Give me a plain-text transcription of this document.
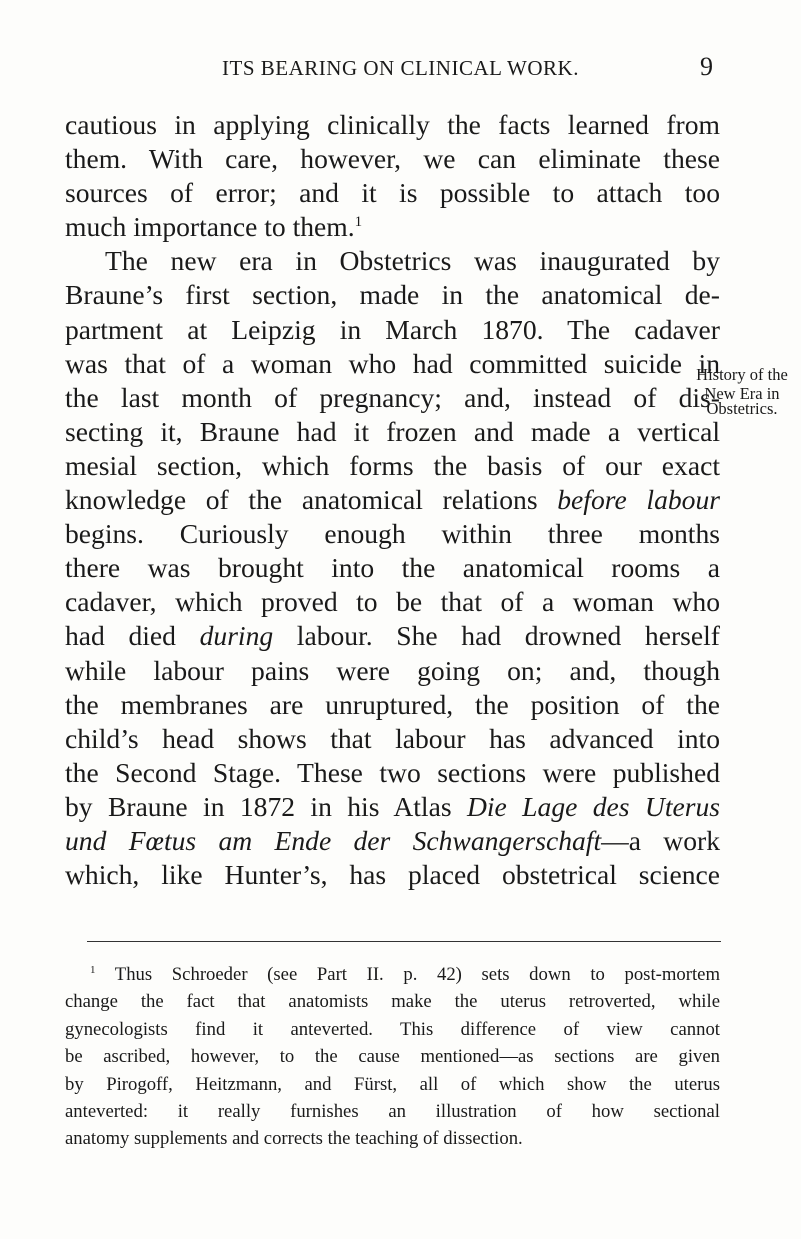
ITS BEARING ON CLINICAL WORK.	9
cautious in applying clinically the facts learned from
them. With care, however, we can eliminate these
sources of error; and it is possible to attach too
much importance to them.$^1$
The new era in Obstetrics was inaugurated by
Braune’s first section, made in the anatomical de-
partment at Leipzig in March 1870. The cadaver
was that of a woman who had committed suicide in
the last month of pregnancy; and, instead of dis-
secting it, Braune had it frozen and made a vertical
mesial section, which forms the basis of our exact
knowledge of the anatomical relations before labour
begins. Curiously enough within three months
there was brought into the anatomical rooms a
cadaver, which proved to be that of a woman who
had died during labour. She had drowned herself
while labour pains were going on; and, though
the membranes are unruptured, the position of the
child’s head shows that labour has advanced into
the Second Stage. These two sections were published
by Braune in 1872 in his Atlas Die Lage des Uterus
und Fœtus am Ende der Schwangerschaft—a work
which, like Hunter’s, has placed obstetrical science
History of the
New Era in
Obstetrics.
$^1$ Thus Schroeder (see Part II. p. 42) sets down to post-mortem
change the fact that anatomists make the uterus retroverted, while
gynecologists find it anteverted. This difference of view cannot
be ascribed, however, to the cause mentioned—as sections are given
by Pirogoff, Heitzmann, and Fürst, all of which show the uterus
anteverted: it really furnishes an illustration of how sectional
anatomy supplements and corrects the teaching of dissection.
